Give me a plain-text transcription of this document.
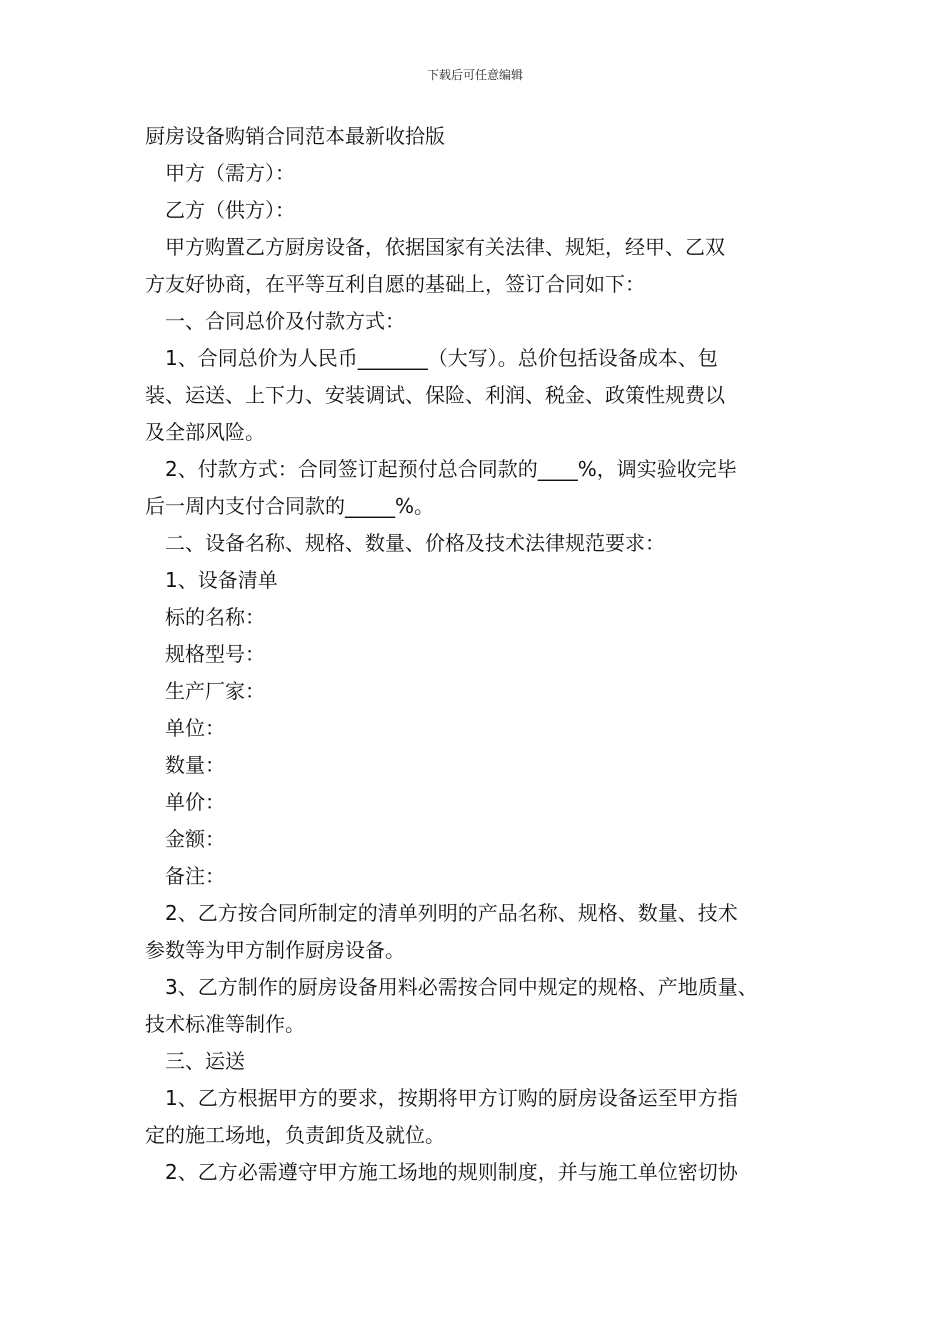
下载后可任意编辑
厨房设备购销合同范本最新收拾版
甲方（需方）：
乙方（供方）：
甲方购置乙方厨房设备，依据国家有关法律、规矩，经甲、乙双
方友好协商，在平等互利自愿的基础上，签订合同如下：
一、合同总价及付款方式：
1、合同总价为人民币_______（大写）。总价包括设备成本、包
装、运送、上下力、安装调试、保险、利润、税金、政策性规费以
及全部风险。
2、付款方式：合同签订起预付总合同款的____%，调实验收完毕
后一周内支付合同款的_____%。
二、设备名称、规格、数量、价格及技术法律规范要求：
1、设备清单
标的名称：
规格型号：
生产厂家：
单位：
数量：
单价：
金额：
备注：
2、乙方按合同所制定的清单列明的产品名称、规格、数量、技术
参数等为甲方制作厨房设备。
3、乙方制作的厨房设备用料必需按合同中规定的规格、产地质量、
技术标准等制作。
三、运送
1、乙方根据甲方的要求，按期将甲方订购的厨房设备运至甲方指
定的施工场地，负责卸货及就位。
2、乙方必需遵守甲方施工场地的规则制度，并与施工单位密切协
